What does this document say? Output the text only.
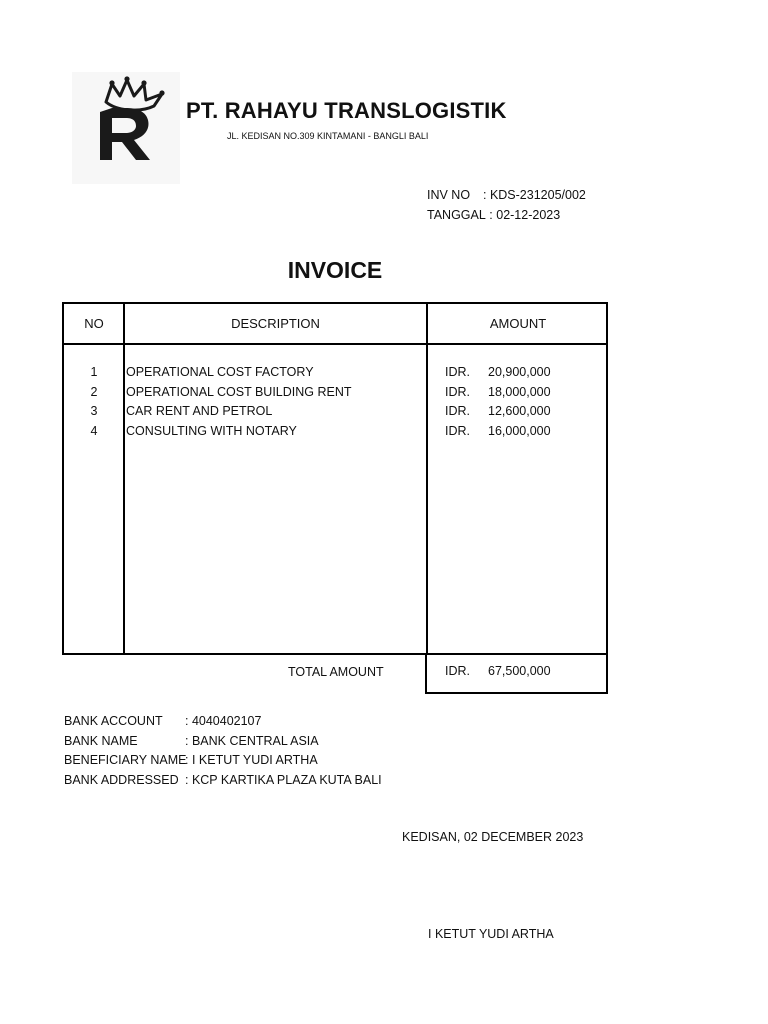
PT. RAHAYU TRANSLOGISTIK
JL. KEDISAN NO.309 KINTAMANI - BANGLI BALI
INV NO : KDS-231205/002
TANGGAL : 02-12-2023
INVOICE
NO	DESCRIPTION	AMOUNT
1	OPERATIONAL COST FACTORY	IDR. 20,900,000
2	OPERATIONAL COST BUILDING RENT	IDR. 18,000,000
3	CAR RENT AND PETROL	IDR. 12,600,000
4	CONSULTING WITH NOTARY	IDR. 16,000,000
TOTAL AMOUNT	IDR. 67,500,000
BANK ACCOUNT : 4040402107
BANK NAME	: BANK CENTRAL ASIA
BENEFICIARY NAME
: I KETUT YUDI ARTHA
BANK ADDRESSED : KCP KARTIKA PLAZA KUTA BALI
KEDISAN, 02 DECEMBER 2023
I KETUT YUDI ARTHA
